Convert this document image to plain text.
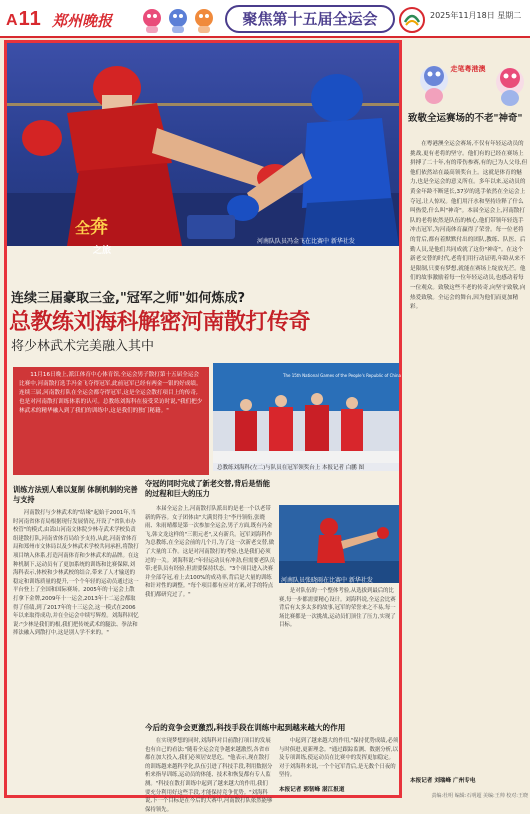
A11 郑州晚报	聚焦第十五届全运会	2025年11月18日 星期二
全奔
之旅
河南队队员冯金飞在比赛中 新华社发
连续三届豪取三金,"冠军之师"如何炼成?
总教练刘海科解密河南散打传奇
将少林武术完美融入其中
11月16日晚上,派江体育中心体育馆,全运会男子散打第十五届全运会比赛中,河南散打选手冯金飞夺得冠军,此前冠军已经有两金一银的好成绩。连续三届,河南散打队在全运会都夺得冠军,这是全运会散打项目上的传奇,也是对河南散打训练体系的认可。总教练刘海科在接受采访时说,"我们把少林武术的精华融入到了我们的训练中,这是我们的独门秘籍。"
The 15th National Games of the People's Republic of China
总教练刘海科(左二)与队员在冠军领奖台上 本报记者 白鹏 图
训练方法别人难以复制 体制机制的完善与支持
河南散打与少林武术的"结缘"起始于2001年,当时河南省体育局根据现行发展情况,开设了"省队市办校管"的模式,由嵩山河南文体院少林寺武术学校负责组建散打队,河南省体育局给予支持,从此,河南省体育局和郑州市文体局以及少林武术学校共同承担,将散打项目纳入体系,打造河南体育和少林武术的品牌。在这种机制下,运动员有了更加系统的训练和比赛保障,刘海科表示,体校和少林武校的结合,带来了人才输送的稳定和训练质量的提升,一个个年轻的运动员通过这一平台登上了全国和国际赛场。2005年的十运会上散打拿下金牌,2009年十一运会,2013年十二运会都取得了佳绩,到了2017年的十三运会,这一模式在2006年以来取得成功,并在全运会中续写辉煌。刘海科回忆说:"少林是我们的根,我们把传统武术的腿法、拳法和摔法融入到散打中,这是别人学不来的。"
夺冠的同时完成了新老交替,背后是悟能的过程和巨大的压力
本届全运会上,河南散打队派出的是老一个以老带新的阵容。女子团体由"大满贯得主"李丹领衔,张晓雨、朱雨晴都是第一次参加全运会,男子方面,既有冯金飞,韩文龙这样的"三朝元老",又有新兵。冠军刘海科作为总教练,在全运会前的几个月,为了这一次新老交替,做了大量的工作。这是对河南散打的考验,也是我们必须过的一关。刘海科说:"年轻运动员有冲劲,但需要老队员带;老队员有经验,但需要保持状态。"3个项目进入决赛并全部夺冠,看上去100%的成功率,背后是大量的训练和针对性的调整。"每个项目都有应对方案,对手的特点我们都研究过了。"
河南队员张晓雨在比赛中 新华社发
是对队伍的一个整体考验,从选拔到最后的比赛,每一步都需要精心设计。刘海科说,全运会比赛背后有太多太多的故事,冠军的荣誉来之不易,每一场比赛都是一次挑战,运动员们顶住了压力,实现了目标。
今后的竞争会更激烈,科技手段在训练中起到越来越大的作用
在实现梦想的同时,刘海科对目前散打项目的发展也有自己的看法:"随着全运会竞争越来越激烈,各省市都在加大投入,我们必须居安思危。"他表示,现在散打的训练越来越科学化,队伍引进了科技手段,利用数据分析来指导训练,运动员的体能、技术和恢复都有专人监测。"科技在散打训练中起到了越来越大的作用,我们要充分利用好这些手段,才能保持竞争优势。"刘海科说,下一个目标是在今后的大赛中,河南散打队依然能够保持领先。
中起到了越来越大的作用,"保持优势成绩,必须与时俱进,更新理念。"通过跟踪监测、数据分析,以及专项训练,使运动员在比赛中的发挥更加稳定。对于刘海科来说,一个个冠军背后,是无数个日夜的坚持。
本报记者 郭韧峰 湛江报道
走笔粤港澳
致敬全运赛场的不老"神奇"
在粤港澳全运会赛场,不仅有年轻运动员的挑战,更有老将的坚守。他们有的已经在赛场上拼搏了二十年,有的带伤参赛,有的已为人父母,但他们依然站在最高领奖台上。这就是体育的魅力,也是全运会的意义所在。多年以来,运动员的黄金年龄不断延长,37岁的选手依然在全运会上夺冠,让人惊叹。他们用汗水和坚持诠释了什么叫热爱,什么叫"神奇"。本届全运会上,河南散打队的老将依然是队伍的核心,他们带领年轻选手冲击冠军,为河南体育赢得了荣誉。每一位老将的背后,都有着默默付出的团队,教练、队医、后勤人员,是他们共同成就了这份"神奇"。在这个新老交替的时代,老将们用行动证明,年龄从来不是限制,只要有梦想,就能在赛场上绽放光芒。他们的故事激励着每一位年轻运动员,也感动着每一位观众。致敬这些不老的传奇,向坚守致敬,向热爱致敬。全运会的舞台,因为他们而更加精彩。
本报记者 刘瑞峰 广州专电
责编:杜明 编辑:石明超 美编:王帅 校对:王晓
